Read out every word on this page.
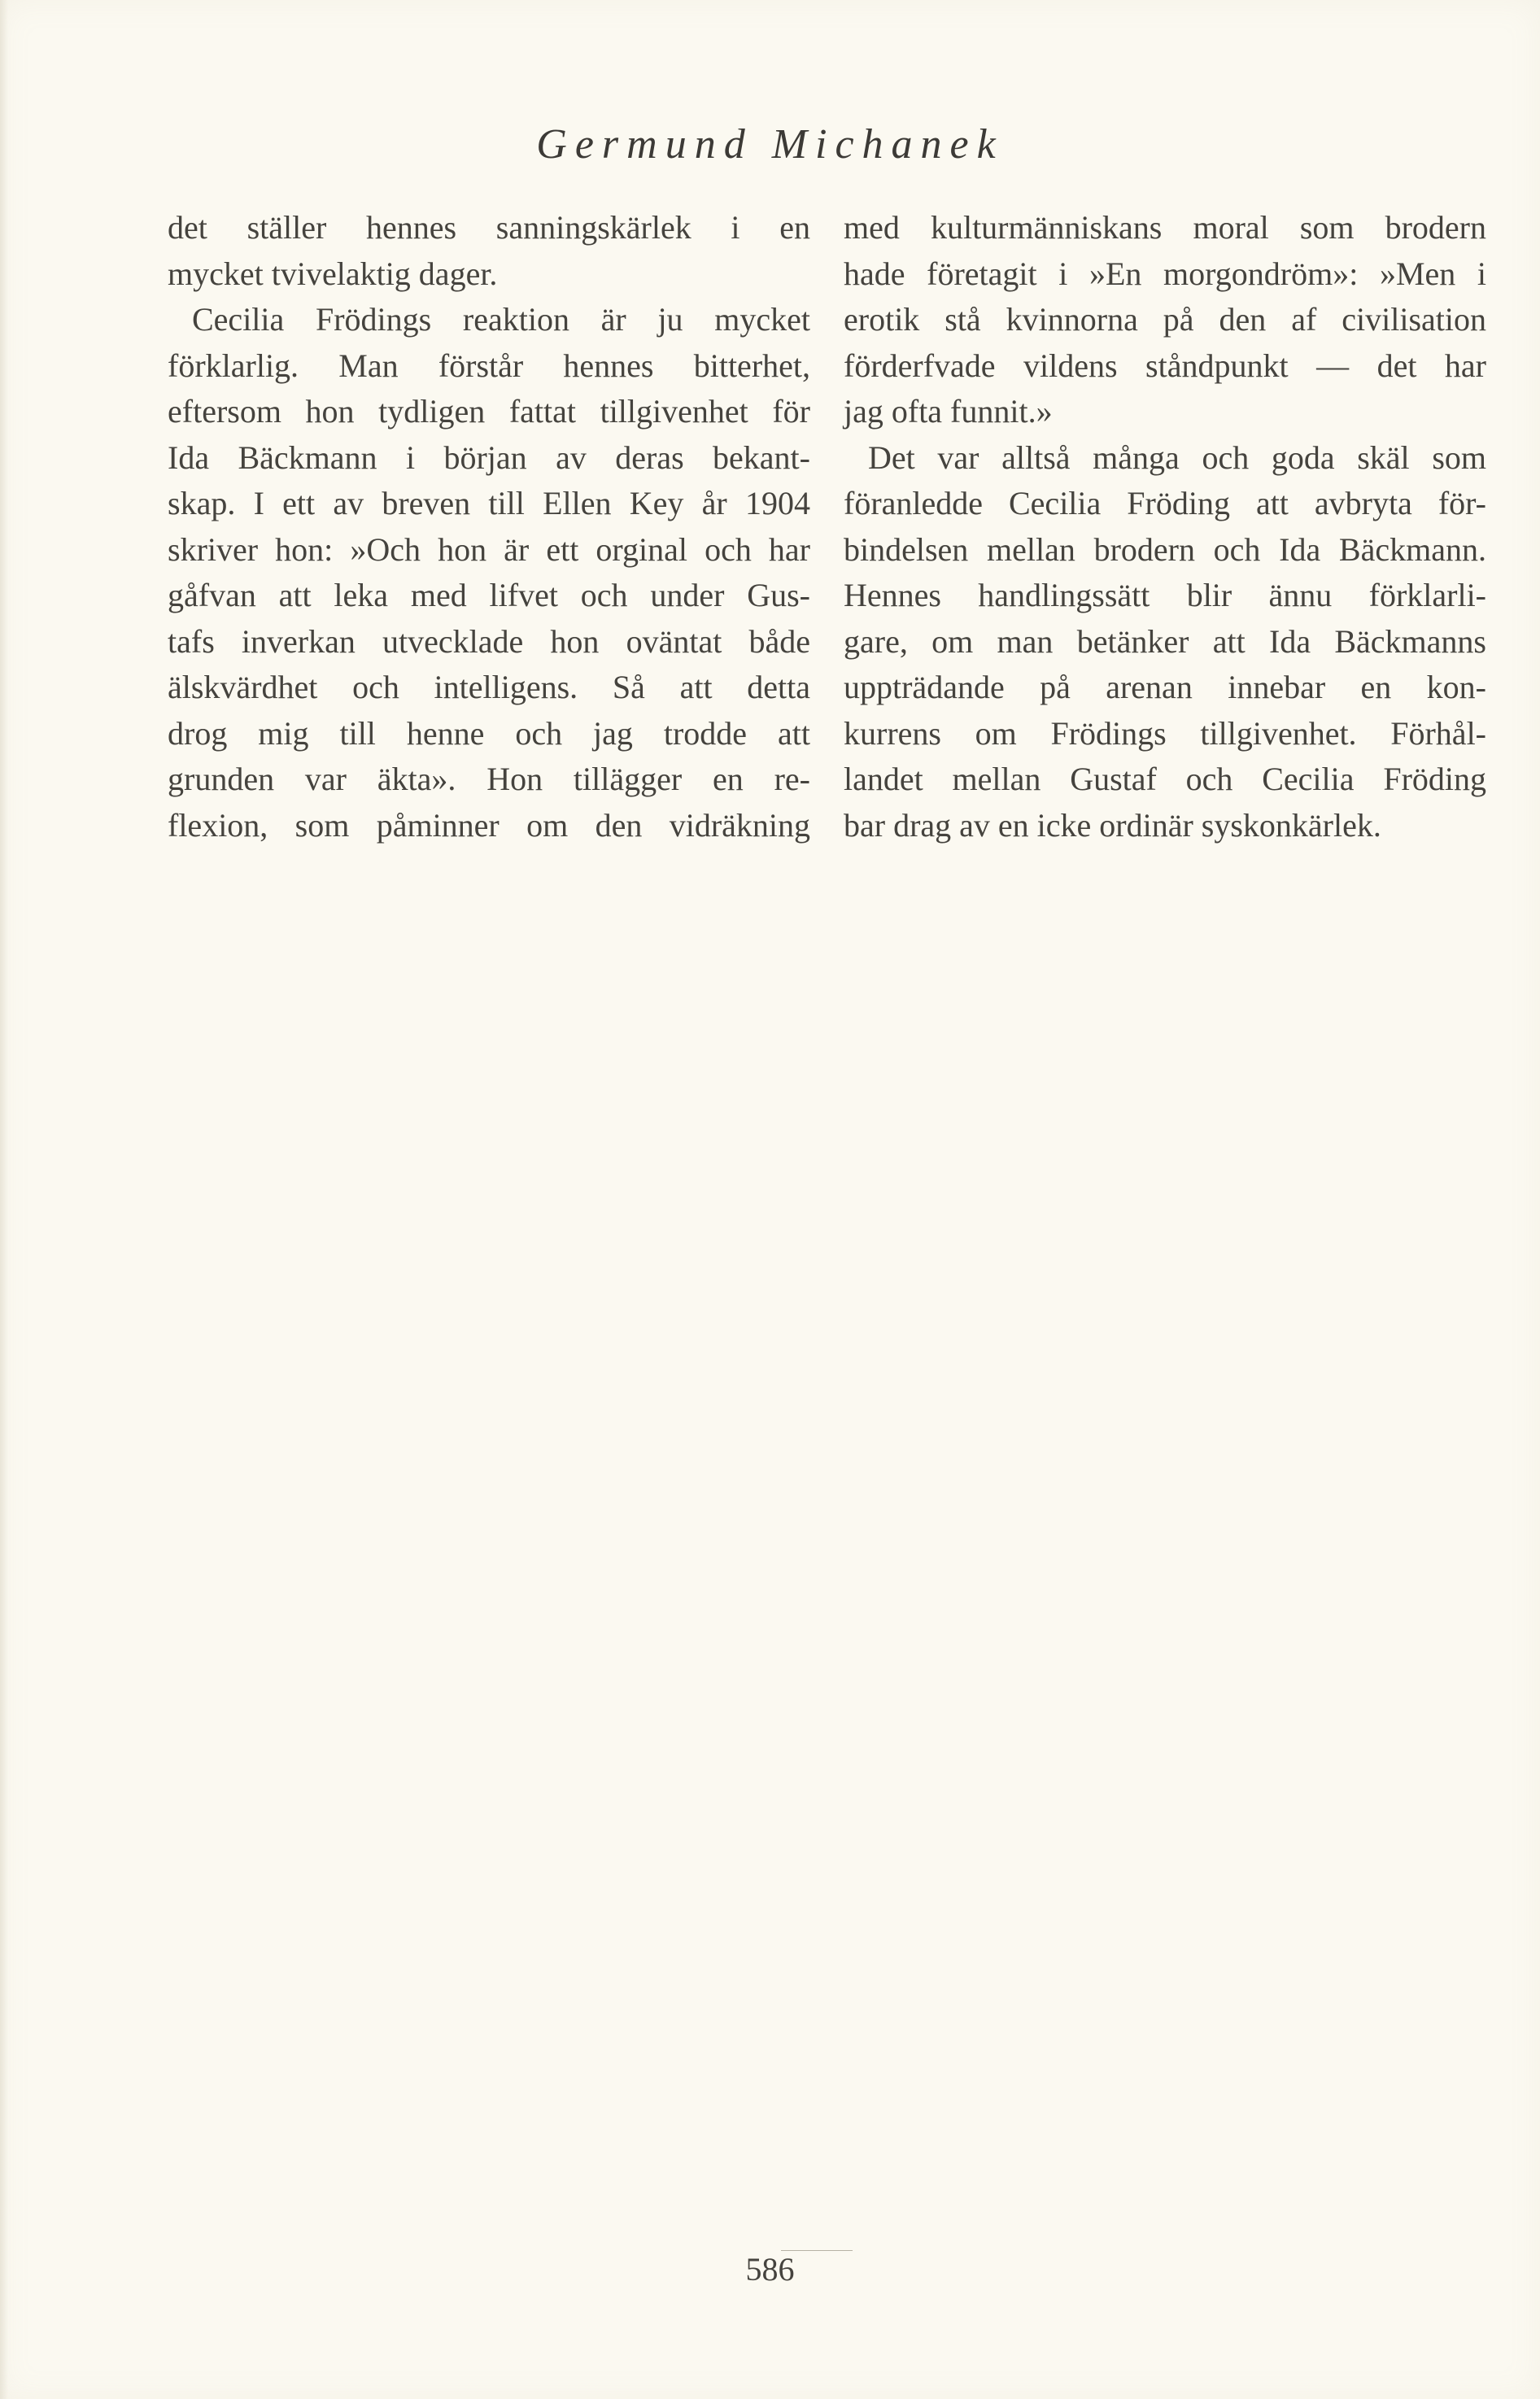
Germund Michanek
det ställer hennes sanningskärlek i en
mycket tvivelaktig dager.
Cecilia Frödings reaktion är ju mycket
förklarlig. Man förstår hennes bitterhet,
eftersom hon tydligen fattat tillgivenhet för
Ida Bäckmann i början av deras bekant-
skap. I ett av breven till Ellen Key år 1904
skriver hon: »Och hon är ett orginal och har
gåfvan att leka med lifvet och under Gus-
tafs inverkan utvecklade hon oväntat både
älskvärdhet och intelligens. Så att detta
drog mig till henne och jag trodde att
grunden var äkta». Hon tillägger en re-
flexion, som påminner om den vidräkning
med kulturmänniskans moral som brodern
hade företagit i »En morgondröm»: »Men i
erotik stå kvinnorna på den af civilisation
förderfvade vildens ståndpunkt — det har
jag ofta funnit.»
Det var alltså många och goda skäl som
föranledde Cecilia Fröding att avbryta för-
bindelsen mellan brodern och Ida Bäckmann.
Hennes handlingssätt blir ännu förklarli-
gare, om man betänker att Ida Bäckmanns
uppträdande på arenan innebar en kon-
kurrens om Frödings tillgivenhet. Förhål-
landet mellan Gustaf och Cecilia Fröding
bar drag av en icke ordinär syskonkärlek.
586
